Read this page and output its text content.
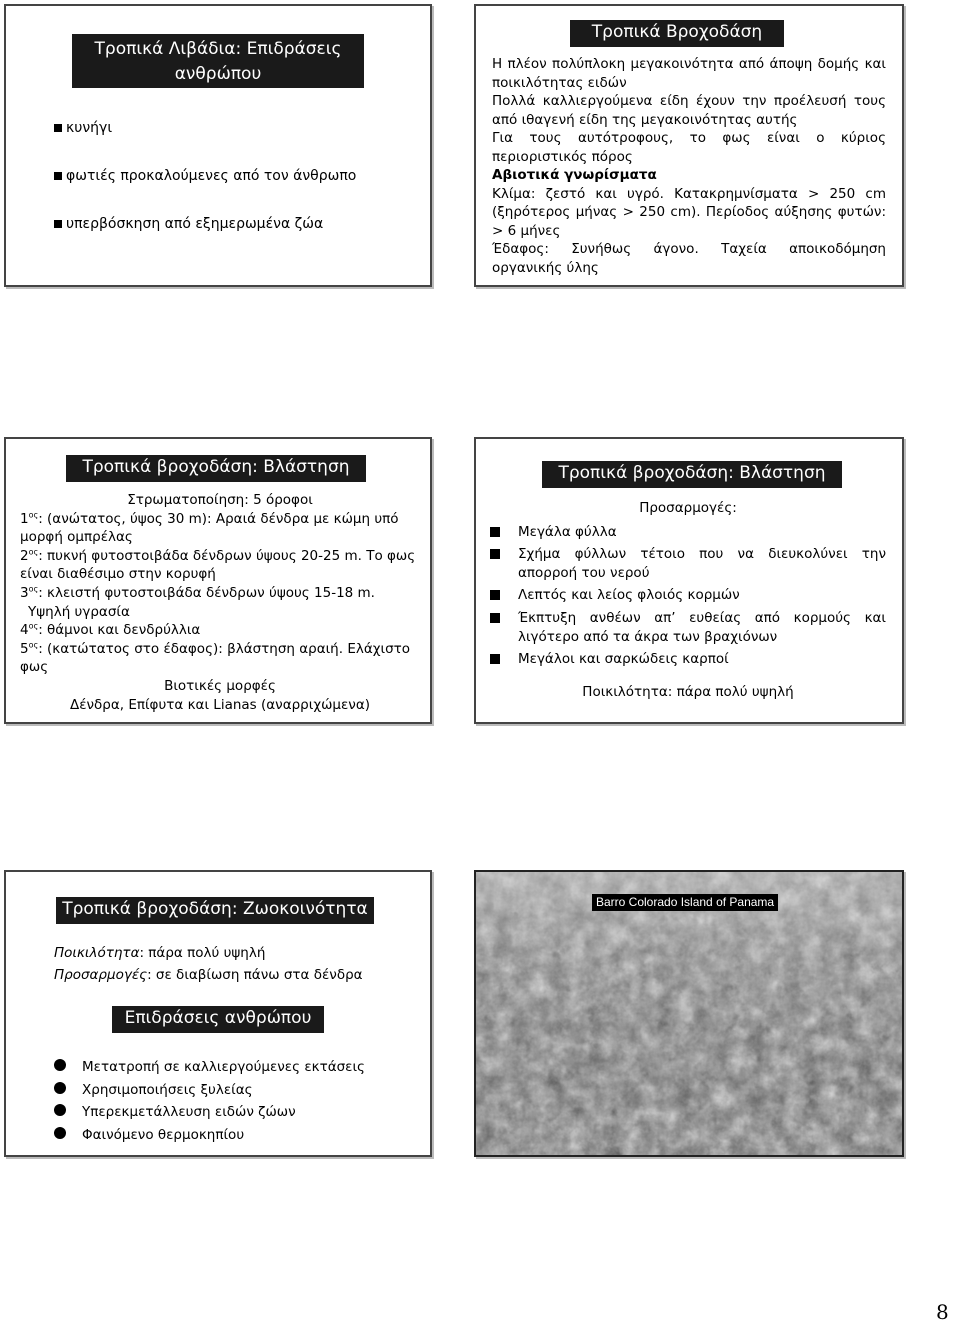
Τροπικά Λιβάδια: Επιδράσεις ανθρώπου
κυνήγι
φωτιές προκαλούμενες από τον άνθρωπο
υπερβόσκηση από εξημερωμένα ζώα
Τροπικά Βροχοδάση

Η πλέον πολύπλοκη μεγακοινότητα από άποψη δομής και ποικιλότητας ειδών

Πολλά καλλιεργούμενα είδη έχουν την προέλευσή τους από ιθαγενή είδη της μεγακοινότητας αυτής

Για τους αυτότροφους, το φως είναι ο κύριος περιοριστικός πόρος

Αβιοτικά γνωρίσματα

Κλίμα: ζεστό και υγρό. Κατακρημνίσματα > 250 cm (ξηρότερος μήνας > 250 cm). Περίοδος αύξησης φυτών: > 6 μήνες

Έδαφος: Συνήθως άγονο. Ταχεία αποικοδόμηση οργανικής ύλης

Τροπικά βροχοδάση: Βλάστηση

Στρωματοποίηση: 5 όροφοι

$1^{o\varsigma}$: (ανώτατος, ύψος 30 m): Αραιά δένδρα με κώμη υπό μορφή ομπρέλας

$2^{o\varsigma}$: πυκνή φυτοστοιβάδα δένδρων ύψους 20-25 m. Το φως είναι διαθέσιμο στην κορυφή

$3^{o\varsigma}$: κλειστή φυτοστοιβάδα δένδρων ύψους 15-18 m.

Υψηλή υγρασία

$4^{o\varsigma}$: θάμνοι και δενδρύλλια

$5^{o\varsigma}$: (κατώτατος στο έδαφος): βλάστηση αραιή. Ελάχιστο φως

Βιοτικές μορφές

Δένδρα, Επίφυτα και Lianas (αναρριχώμενα)

Τροπικά βροχοδάση: Βλάστηση

Προσαρμογές:

Μεγάλα φύλλα
Σχήμα φύλλων τέτοιο που να διευκολύνει την απορροή του νερού
Λεπτός και λείος φλοιός κορμών
Έκπτυξη ανθέων απ’ ευθείας από κορμούς και λιγότερο από τα άκρα των βραχιόνων
Μεγάλοι και σαρκώδεις καρποί

Ποικιλότητα: πάρα πολύ υψηλή

Τροπικά βροχοδάση: Ζωοκοινότητα

Ποικιλότητα: πάρα πολύ υψηλή

Προσαρμογές: σε διαβίωση πάνω στα δένδρα

Επιδράσεις ανθρώπου
Μετατροπή σε καλλιεργούμενες εκτάσεις
Χρησιμοποιήσεις ξυλείας
Υπερεκμετάλλευση ειδών ζώων
Φαινόμενο θερμοκηπίου
Barro Colorado Island of Panama
8
